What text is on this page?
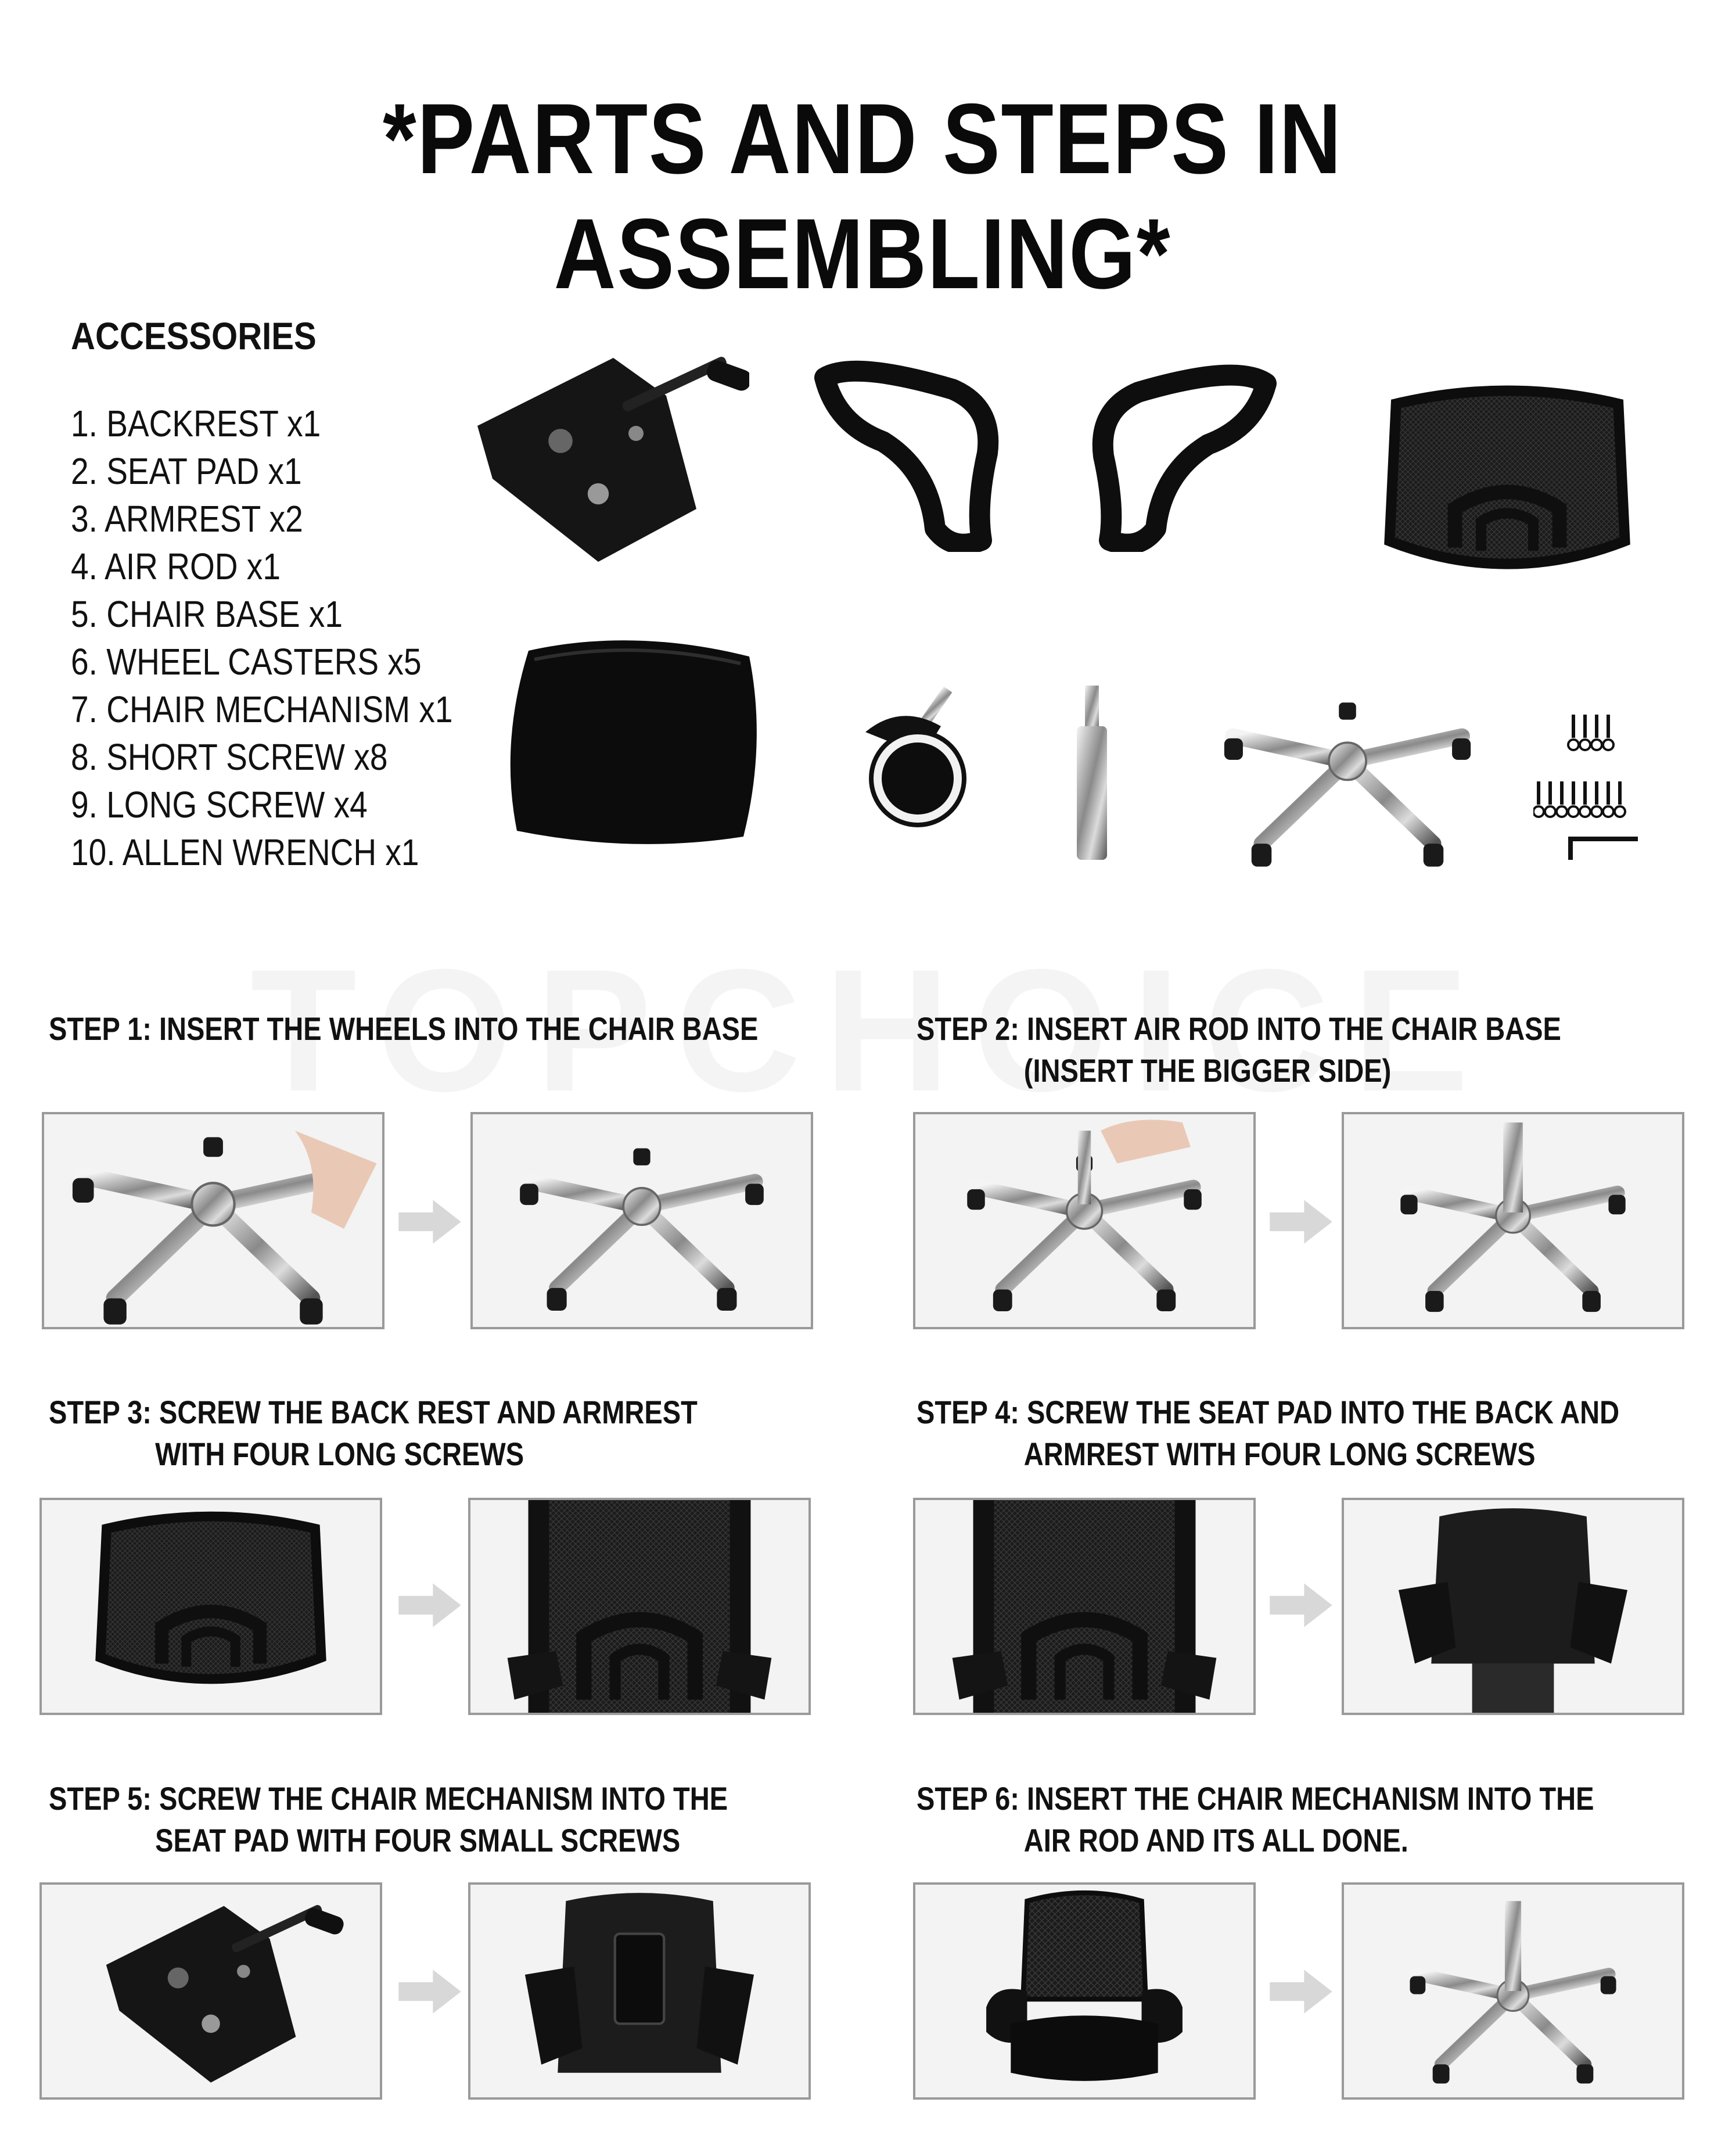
*PARTS AND STEPS IN ASSEMBLING*
ACCESSORIES
1. BACKREST x1
2. SEAT PAD x1
3. ARMREST x2
4. AIR ROD x1
5. CHAIR BASE x1
6. WHEEL CASTERS x5
7. CHAIR MECHANISM x1
8. SHORT SCREW x8
9. LONG SCREW x4
10. ALLEN WRENCH x1
STEP 1: INSERT THE WHEELS INTO THE CHAIR BASE	STEP 2: INSERT AIR ROD INTO THE CHAIR BASE
(INSERT THE BIGGER SIDE)
STEP 3: SCREW THE BACK REST AND ARMREST
WITH FOUR LONG SCREWS
STEP 4: SCREW THE SEAT PAD INTO THE BACK AND
ARMREST WITH FOUR LONG SCREWS
STEP 5: SCREW THE CHAIR MECHANISM INTO THE
SEAT PAD WITH FOUR SMALL SCREWS
STEP 6: INSERT THE CHAIR MECHANISM INTO THE
AIR ROD AND ITS ALL DONE.
